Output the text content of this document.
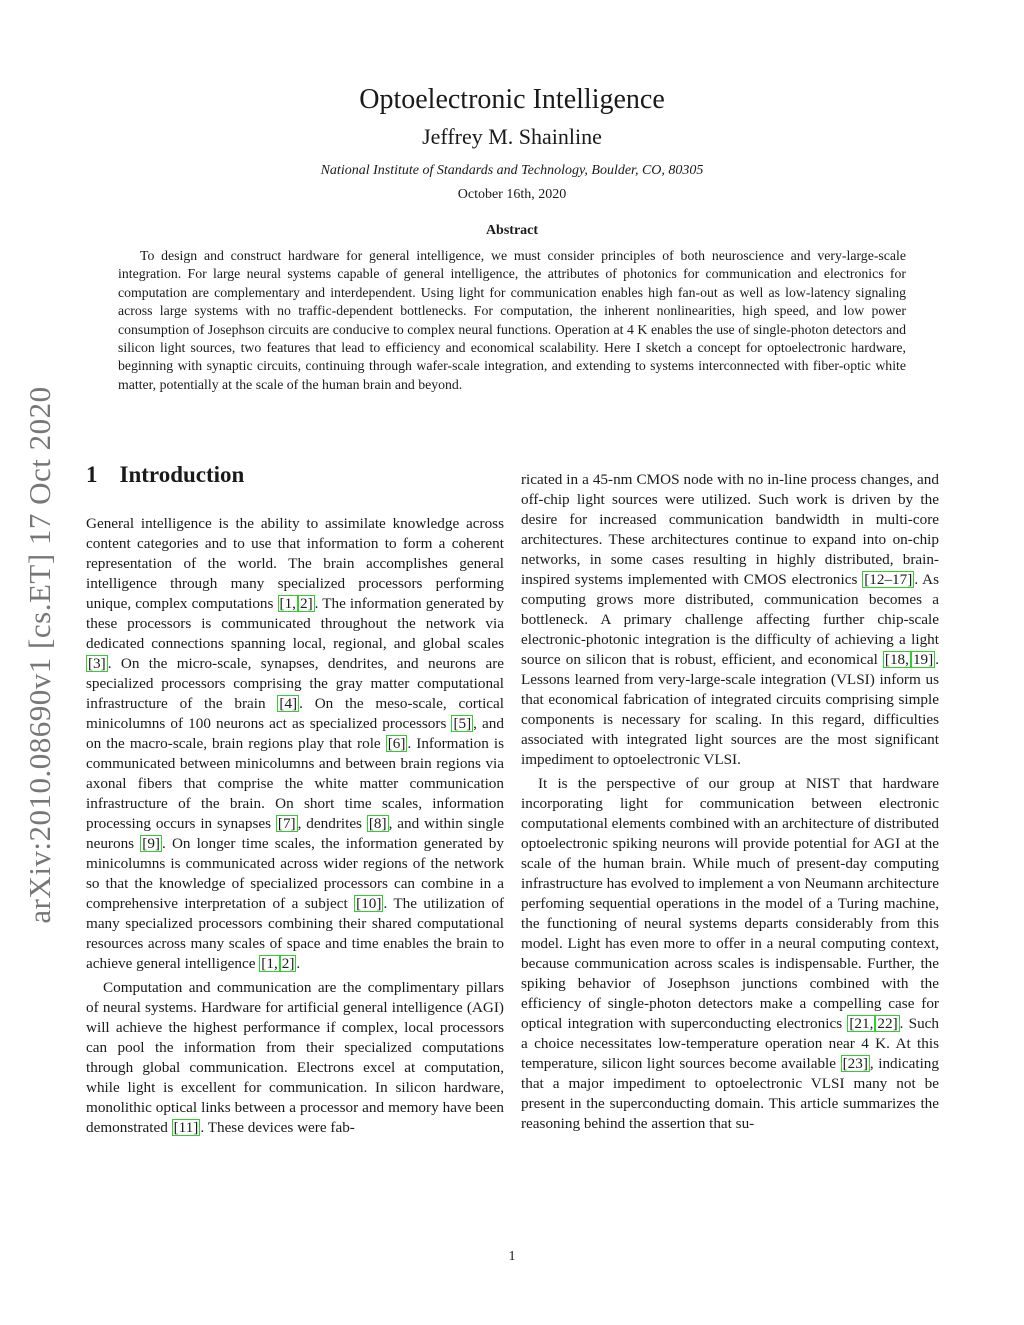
arXiv:2010.08690v1 [cs.ET] 17 Oct 2020
Optoelectronic Intelligence
Jeffrey M. Shainline
National Institute of Standards and Technology, Boulder, CO, 80305
October 16th, 2020
Abstract
To design and construct hardware for general intelligence, we must consider principles of both neuroscience and very-large-scale integration. For large neural systems capable of general intelligence, the attributes of photonics for communication and electronics for computation are complementary and interdependent. Using light for communication enables high fan-out as well as low-latency signaling across large systems with no traffic-dependent bottlenecks. For computation, the inherent nonlinearities, high speed, and low power consumption of Josephson circuits are conducive to complex neural functions. Operation at 4 K enables the use of single-photon detectors and silicon light sources, two features that lead to efficiency and economical scalability. Here I sketch a concept for optoelectronic hardware, beginning with synaptic circuits, continuing through wafer-scale integration, and extending to systems interconnected with fiber-optic white matter, potentially at the scale of the human brain and beyond.
1 Introduction

General intelligence is the ability to assimilate knowledge across content categories and to use that information to form a coherent representation of the world. The brain accomplishes general intelligence through many specialized processors performing unique, complex computations [1, 2] . The information generated by these processors is communicated throughout the network via dedicated connections spanning local, regional, and global scales [3] . On the micro-scale, synapses, dendrites, and neurons are specialized processors comprising the gray matter computational infrastructure of the brain [4] . On the meso-scale, cortical minicolumns of 100 neurons act as specialized processors [5] , and on the macro-scale, brain regions play that role [6] . Information is communicated between minicolumns and between brain regions via axonal fibers that comprise the white matter communication infrastructure of the brain. On short time scales, information processing occurs in synapses [7] , dendrites [8] , and within single neurons [9] . On longer time scales, the information generated by minicolumns is communicated across wider regions of the network so that the knowledge of specialized processors can combine in a comprehensive interpretation of a subject [10] . The utilization of many specialized processors combining their shared computational resources across many scales of space and time enables the brain to achieve general intelligence [1, 2] .

Computation and communication are the complimentary pillars of neural systems. Hardware for artificial general intelligence (AGI) will achieve the highest performance if complex, local processors can pool the information from their specialized computations through global communication. Electrons excel at computation, while light is excellent for communication. In silicon hardware, monolithic optical links between a processor and memory have been demonstrated [11] . These devices were fab-

ricated in a 45-nm CMOS node with no in-line process changes, and off-chip light sources were utilized. Such work is driven by the desire for increased communication bandwidth in multi-core architectures. These architectures continue to expand into on-chip networks, in some cases resulting in highly distributed, brain-inspired systems implemented with CMOS electronics [12–17] . As computing grows more distributed, communication becomes a bottleneck. A primary challenge affecting further chip-scale electronic-photonic integration is the difficulty of achieving a light source on silicon that is robust, efficient, and economical [18, 19] . Lessons learned from very-large-scale integration (VLSI) inform us that economical fabrication of integrated circuits comprising simple components is necessary for scaling. In this regard, difficulties associated with integrated light sources are the most significant impediment to optoelectronic VLSI.

It is the perspective of our group at NIST that hardware incorporating light for communication between electronic computational elements combined with an architecture of distributed optoelectronic spiking neurons will provide potential for AGI at the scale of the human brain. While much of present-day computing infrastructure has evolved to implement a von Neumann architecture perfoming sequential operations in the model of a Turing machine, the functioning of neural systems departs considerably from this model. Light has even more to offer in a neural computing context, because communication across scales is indispensable. Further, the spiking behavior of Josephson junctions combined with the efficiency of single-photon detectors make a compelling case for optical integration with superconducting electronics [21, 22] . Such a choice necessitates low-temperature operation near 4 K. At this temperature, silicon light sources become available [23] , indicating that a major impediment to optoelectronic VLSI many not be present in the superconducting domain. This article summarizes the reasoning behind the assertion that su-

1
